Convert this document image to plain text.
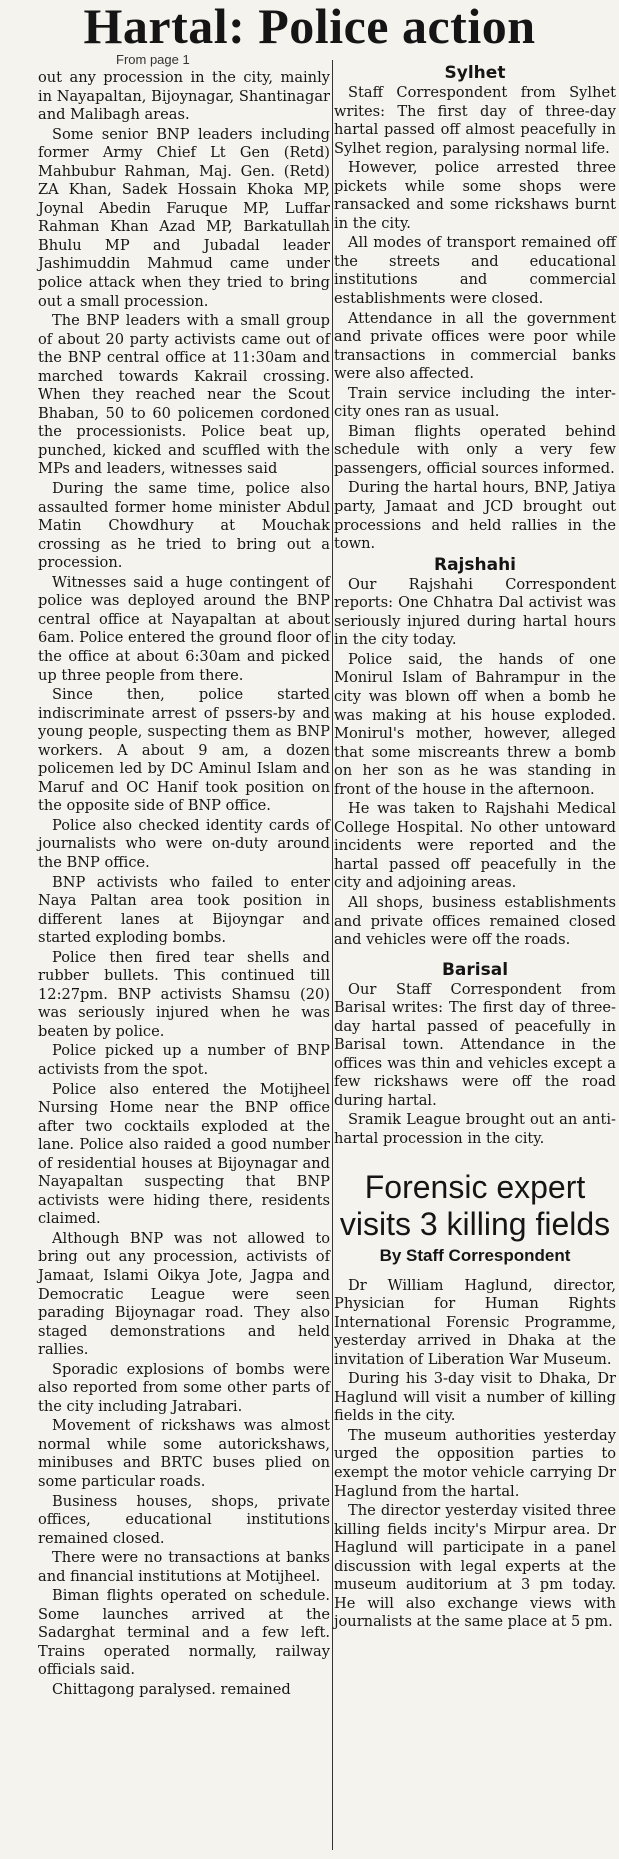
Hartal: Police action
From page 1

out any procession in the city, mainly in Nayapaltan, Bijoynagar, Shantinagar and Malibagh areas.

Some senior BNP leaders including former Army Chief Lt Gen (Retd) Mahbubur Rahman, Maj. Gen. (Retd) ZA Khan, Sadek Hossain Khoka MP, Joynal Abedin Faruque MP, Luffar Rahman Khan Azad MP, Barkatullah Bhulu MP and Jubadal leader Jashimuddin Mahmud came under police attack when they tried to bring out a small procession.

The BNP leaders with a small group of about 20 party activists came out of the BNP central office at 11:30am and marched towards Kakrail crossing. When they reached near the Scout Bhaban, 50 to 60 policemen cordoned the processionists. Police beat up, punched, kicked and scuffled with the MPs and leaders, witnesses said

During the same time, police also assaulted former home minister Abdul Matin Chowdhury at Mouchak crossing as he tried to bring out a procession.

Witnesses said a huge contingent of police was deployed around the BNP central office at Nayapaltan at about 6am. Police entered the ground floor of the office at about 6:30am and picked up three people from there.

Since then, police started indiscriminate arrest of pssers-by and young people, suspecting them as BNP workers. A about 9 am, a dozen policemen led by DC Aminul Islam and Maruf and OC Hanif took position on the opposite side of BNP office.

Police also checked identity cards of journalists who were on-duty around the BNP office.

BNP activists who failed to enter Naya Paltan area took position in different lanes at Bijoyngar and started exploding bombs.

Police then fired tear shells and rubber bullets. This continued till 12:27pm. BNP activists Shamsu (20) was seriously injured when he was beaten by police.

Police picked up a number of BNP activists from the spot.

Police also entered the Motijheel Nursing Home near the BNP office after two cocktails exploded at the lane. Police also raided a good number of residential houses at Bijoynagar and Nayapaltan suspecting that BNP activists were hiding there, residents claimed.

Although BNP was not allowed to bring out any procession, activists of Jamaat, Islami Oikya Jote, Jagpa and Democratic League were seen parading Bijoynagar road. They also staged demonstrations and held rallies.

Sporadic explosions of bombs were also reported from some other parts of the city including Jatrabari.

Movement of rickshaws was almost normal while some autorickshaws, minibuses and BRTC buses plied on some particular roads.

Business houses, shops, private offices, educational institutions remained closed.

There were no transactions at banks and financial institutions at Motijheel.

Biman flights operated on schedule. Some launches arrived at the Sadarghat terminal and a few left. Trains operated normally, railway officials said.

Chittagong paralysed. remained

Sylhet

Staff Correspondent from Sylhet writes: The first day of three-day hartal passed off almost peacefully in Sylhet region, paralysing normal life.

However, police arrested three pickets while some shops were ransacked and some rickshaws burnt in the city.

All modes of transport remained off the streets and educational institutions and commercial establishments were closed.

Attendance in all the government and private offices were poor while transactions in commercial banks were also affected.

Train service including the inter-city ones ran as usual.

Biman flights operated behind schedule with only a very few passengers, official sources informed.

During the hartal hours, BNP, Jatiya party, Jamaat and JCD brought out processions and held rallies in the town.

Rajshahi

Our Rajshahi Correspondent reports: One Chhatra Dal activist was seriously injured during hartal hours in the city today.

Police said, the hands of one Monirul Islam of Bahrampur in the city was blown off when a bomb he was making at his house exploded. Monirul's mother, however, alleged that some miscreants threw a bomb on her son as he was standing in front of the house in the afternoon.

He was taken to Rajshahi Medical College Hospital. No other untoward incidents were reported and the hartal passed off peacefully in the city and adjoining areas.

All shops, business establishments and private offices remained closed and vehicles were off the roads.

Barisal

Our Staff Correspondent from Barisal writes: The first day of three-day hartal passed of peacefully in Barisal town. Attendance in the offices was thin and vehicles except a few rickshaws were off the road during hartal.

Sramik League brought out an anti-hartal procession in the city.

Forensic expert visits 3 killing fields
By Staff Correspondent

Dr William Haglund, director, Physician for Human Rights International Forensic Programme, yesterday arrived in Dhaka at the invitation of Liberation War Museum.

During his 3-day visit to Dhaka, Dr Haglund will visit a number of killing fields in the city.

The museum authorities yesterday urged the opposition parties to exempt the motor vehicle carrying Dr Haglund from the hartal.

The director yesterday visited three killing fields incity's Mirpur area. Dr Haglund will participate in a panel discussion with legal experts at the museum auditorium at 3 pm today. He will also exchange views with journalists at the same place at 5 pm.
